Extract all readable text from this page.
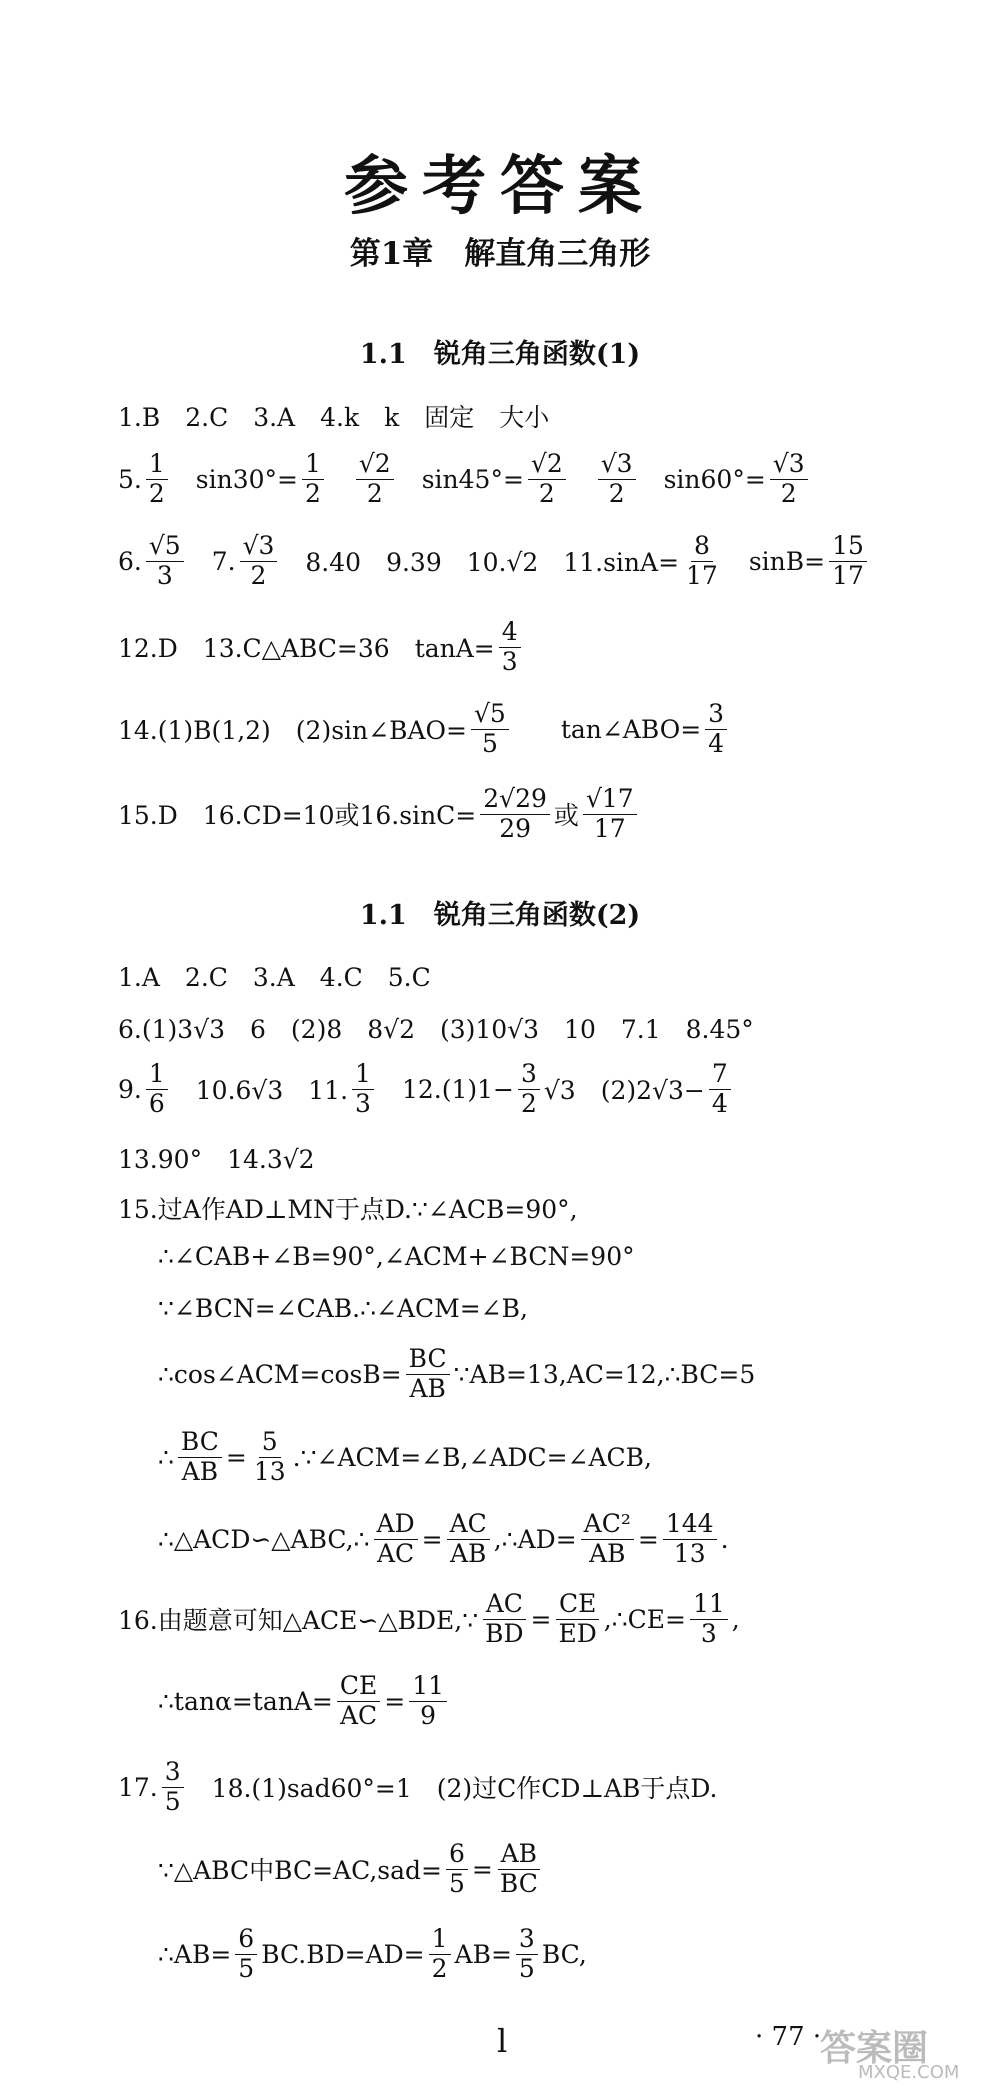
参考答案
第1章　解直角三角形
1.1　锐角三角函数(1)
1.B　2.C　3.A　4.k　k　固定　大小
5. $\frac{1}{2} \sin 30^\circ= \frac{1}{2} \frac{√2}{2} \sin 45^\circ= \frac{√2}{2} \frac{√3}{2} \sin 60^\circ= \frac{√3}{2}$
6. $\frac{√5}{3} 7$. $\frac{√3}{2} 8.40$　9.39　10.√2　$11.\sin A= \frac{8}{17} \sin B= \frac{15}{17}$
12.D　13.C△ABC=36　$\tan A= \frac{4}{3}$
14.(1)B(1,2)　(2)sin∠BAO= $\frac{√5}{5}$ tan∠ABO= $\frac{3}{4}$
15.D　16.CD=10或$16.\sin C= \frac{2√29}{29}$ 或 $\frac{√17}{17}$
1.1　锐角三角函数(2)
1.A　2.C　3.A　4.C　5.C
6.(1)3√3　6　(2)8　8√2　(3)10√3　10　7.1　8.45°
9. $\frac{1}{6} 10.6√3$　11. $\frac{1}{3} 12.(1)1- \frac{3}{2} √3$　$(2)2√3- \frac{7}{4}$
13.90°　14.3√2
15.过A作AD⊥MN于点D.∵∠ACB=90°,
∴∠CAB+∠B=90°,∠ACM+∠BCN=90°
∵∠BCN=∠CAB.∴∠ACM=∠B,
∴cos∠ACM=cosB= $\frac{BC}{AB}$ ∵AB=13,AC=12,∴BC=5
∴ $\frac{BC}{AB} = \frac{5}{13}$ .∵∠ACM=∠B,∠ADC=∠ACB,
∴△ACD∽△ABC,∴ $\frac{AD}{AC} = \frac{AC}{AB}$ ,∴AD= $\frac{\text{AC²}}{AB} = \frac{144}{13}$ .
16.由题意可知△ACE∽△BDE,∵ $\frac{AC}{BD} = \frac{CE}{ED}$ ,∴CE= $\frac{11}{3}$ ,
∴tanα=tanA= $\frac{CE}{AC} = \frac{11}{9}$
17. $\frac{3}{5} 18.(1)sad60^\circ=1$　(2)过C作CD⊥AB于点D.
∵△ABC中$BC=AC,sad= \frac{6}{5} = \frac{AB}{BC}$
∴AB= $\frac{6}{5} BC.BD=AD= \frac{1}{2} AB= \frac{3}{5}$ BC,
l	· 77 ·
答案圈
MXQE.COM
